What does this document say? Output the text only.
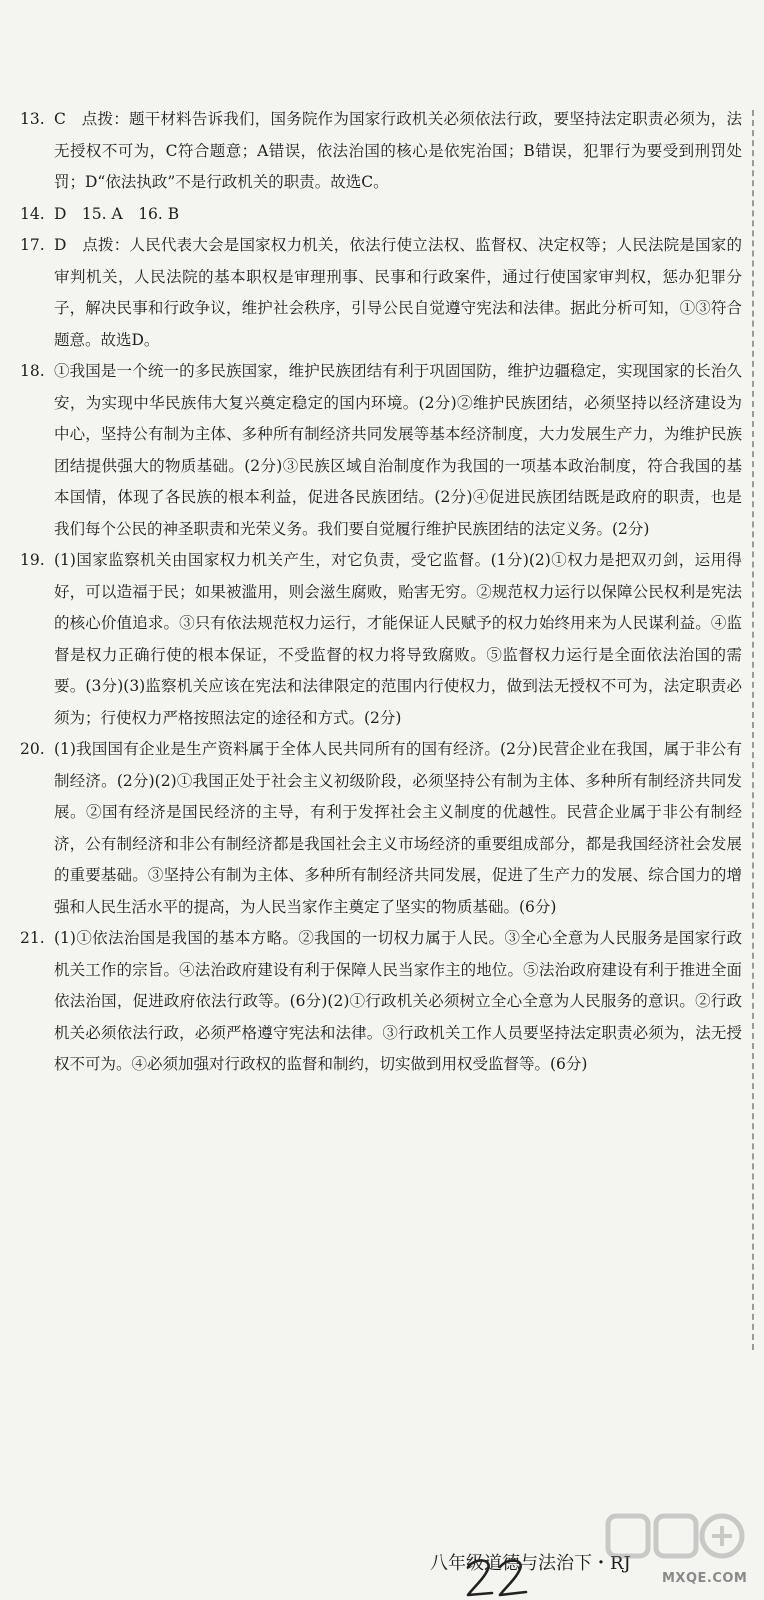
13. C　点拨：题干材料告诉我们，国务院作为国家行政机关必须依法行政，要坚持法定职责必须为，法无授权不可为，C符合题意；A错误，依法治国的核心是依宪治国；B错误，犯罪行为要受到刑罚处罚；D“依法执政”不是行政机关的职责。故选C。
14. D　15. A　16. B
17. D　点拨：人民代表大会是国家权力机关，依法行使立法权、监督权、决定权等；人民法院是国家的审判机关，人民法院的基本职权是审理刑事、民事和行政案件，通过行使国家审判权，惩办犯罪分子，解决民事和行政争议，维护社会秩序，引导公民自觉遵守宪法和法律。据此分析可知，①③符合题意。故选D。
18. ①我国是一个统一的多民族国家，维护民族团结有利于巩固国防，维护边疆稳定，实现国家的长治久安，为实现中华民族伟大复兴奠定稳定的国内环境。(2分)②维护民族团结，必须坚持以经济建设为中心，坚持公有制为主体、多种所有制经济共同发展等基本经济制度，大力发展生产力，为维护民族团结提供强大的物质基础。(2分)③民族区域自治制度作为我国的一项基本政治制度，符合我国的基本国情，体现了各民族的根本利益，促进各民族团结。(2分)④促进民族团结既是政府的职责，也是我们每个公民的神圣职责和光荣义务。我们要自觉履行维护民族团结的法定义务。(2分)
19. (1)国家监察机关由国家权力机关产生，对它负责，受它监督。(1分)(2)①权力是把双刃剑，运用得好，可以造福于民；如果被滥用，则会滋生腐败，贻害无穷。②规范权力运行以保障公民权利是宪法的核心价值追求。③只有依法规范权力运行，才能保证人民赋予的权力始终用来为人民谋利益。④监督是权力正确行使的根本保证，不受监督的权力将导致腐败。⑤监督权力运行是全面依法治国的需要。(3分)(3)监察机关应该在宪法和法律限定的范围内行使权力，做到法无授权不可为，法定职责必须为；行使权力严格按照法定的途径和方式。(2分)
20. (1)我国国有企业是生产资料属于全体人民共同所有的国有经济。(2分)民营企业在我国，属于非公有制经济。(2分)(2)①我国正处于社会主义初级阶段，必须坚持公有制为主体、多种所有制经济共同发展。②国有经济是国民经济的主导，有利于发挥社会主义制度的优越性。民营企业属于非公有制经济，公有制经济和非公有制经济都是我国社会主义市场经济的重要组成部分，都是我国经济社会发展的重要基础。③坚持公有制为主体、多种所有制经济共同发展，促进了生产力的发展、综合国力的增强和人民生活水平的提高，为人民当家作主奠定了坚实的物质基础。(6分)
21. (1)①依法治国是我国的基本方略。②我国的一切权力属于人民。③全心全意为人民服务是国家行政机关工作的宗旨。④法治政府建设有利于保障人民当家作主的地位。⑤法治政府建设有利于推进全面依法治国，促进政府依法行政等。(6分)(2)①行政机关必须树立全心全意为人民服务的意识。②行政机关必须依法行政，必须严格遵守宪法和法律。③行政机关工作人员要坚持法定职责必须为，法无授权不可为。④必须加强对行政权的监督和制约，切实做到用权受监督等。(6分)
八年级道德与法治下・RJ
MXQE.COM
